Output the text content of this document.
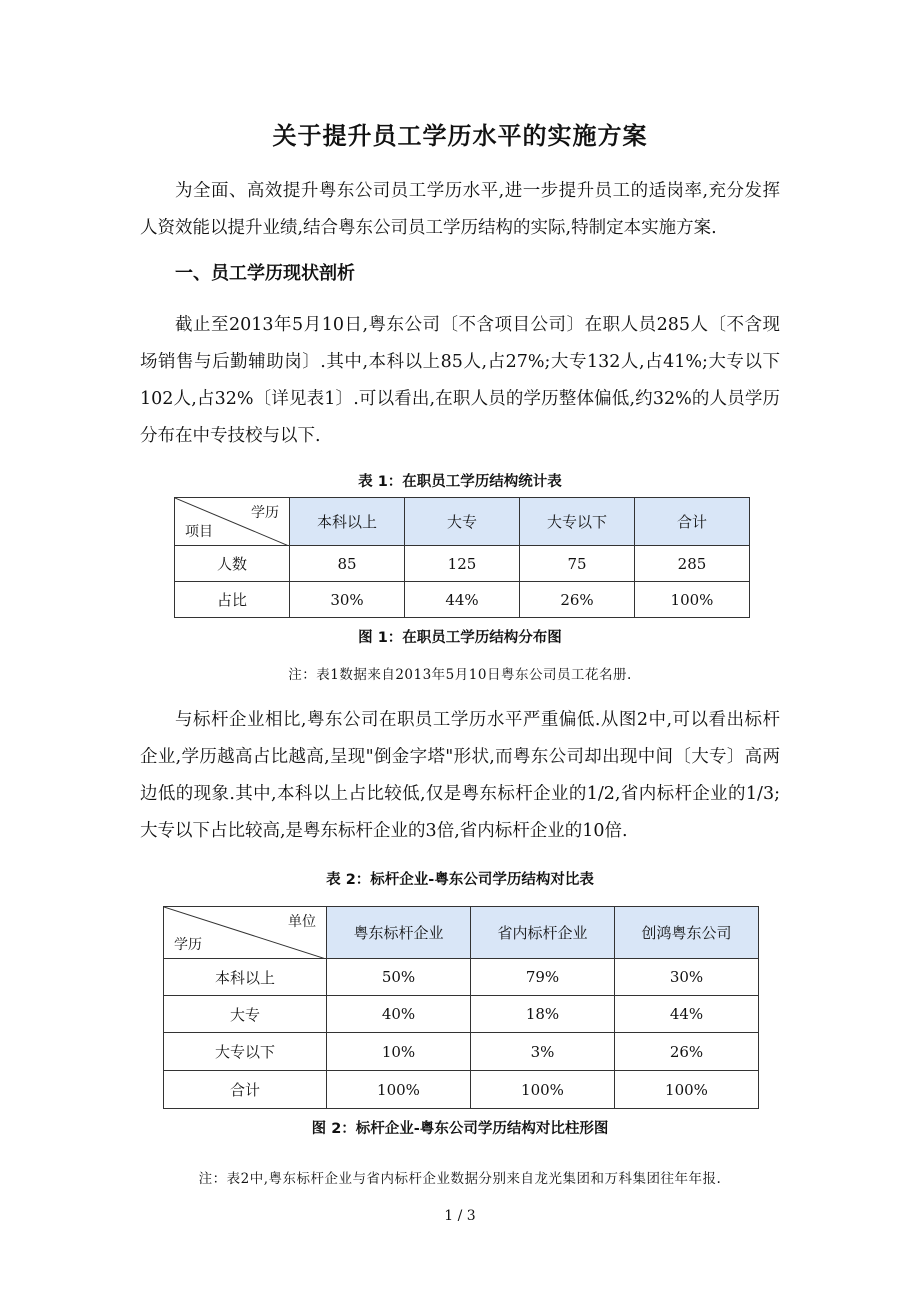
关于提升员工学历水平的实施方案

为全面、高效提升粤东公司员工学历水平,进一步提升员工的适岗率,充分发挥人资效能以提升业绩,结合粤东公司员工学历结构的实际,特制定本实施方案.

一、员工学历现状剖析

截止至2013年5月10日,粤东公司〔不含项目公司〕在职人员285人〔不含现场销售与后勤辅助岗〕.其中,本科以上85人,占27%;大专132人,占41%;大专以下102人,占32%〔详见表1〕.可以看出,在职人员的学历整体偏低,约32%的人员学历分布在中专技校与以下.

表 1：在职员工学历结构统计表
学历
项目	本科以上	大专	大专以下	合计
人数	85	125	75	285
占比	30%	44%	26%	100%
图 1：在职员工学历结构分布图
注：表1数据来自2013年5月10日粤东公司员工花名册.

与标杆企业相比,粤东公司在职员工学历水平严重偏低.从图2中,可以看出标杆企业,学历越高占比越高,呈现"倒金字塔"形状,而粤东公司却出现中间〔大专〕高两边低的现象.其中,本科以上占比较低,仅是粤东标杆企业的1/2,省内标杆企业的1/3;大专以下占比较高,是粤东标杆企业的3倍,省内标杆企业的10倍.

表 2：标杆企业-粤东公司学历结构对比表
单位
学历	粤东标杆企业	省内标杆企业	创鸿粤东公司
本科以上	50%	79%	30%
大专	40%	18%	44%
大专以下	10%	3%	26%
合计	100%	100%	100%
图 2：标杆企业-粤东公司学历结构对比柱形图
注：表2中,粤东标杆企业与省内标杆企业数据分别来自龙光集团和万科集团往年年报.
1 / 3
